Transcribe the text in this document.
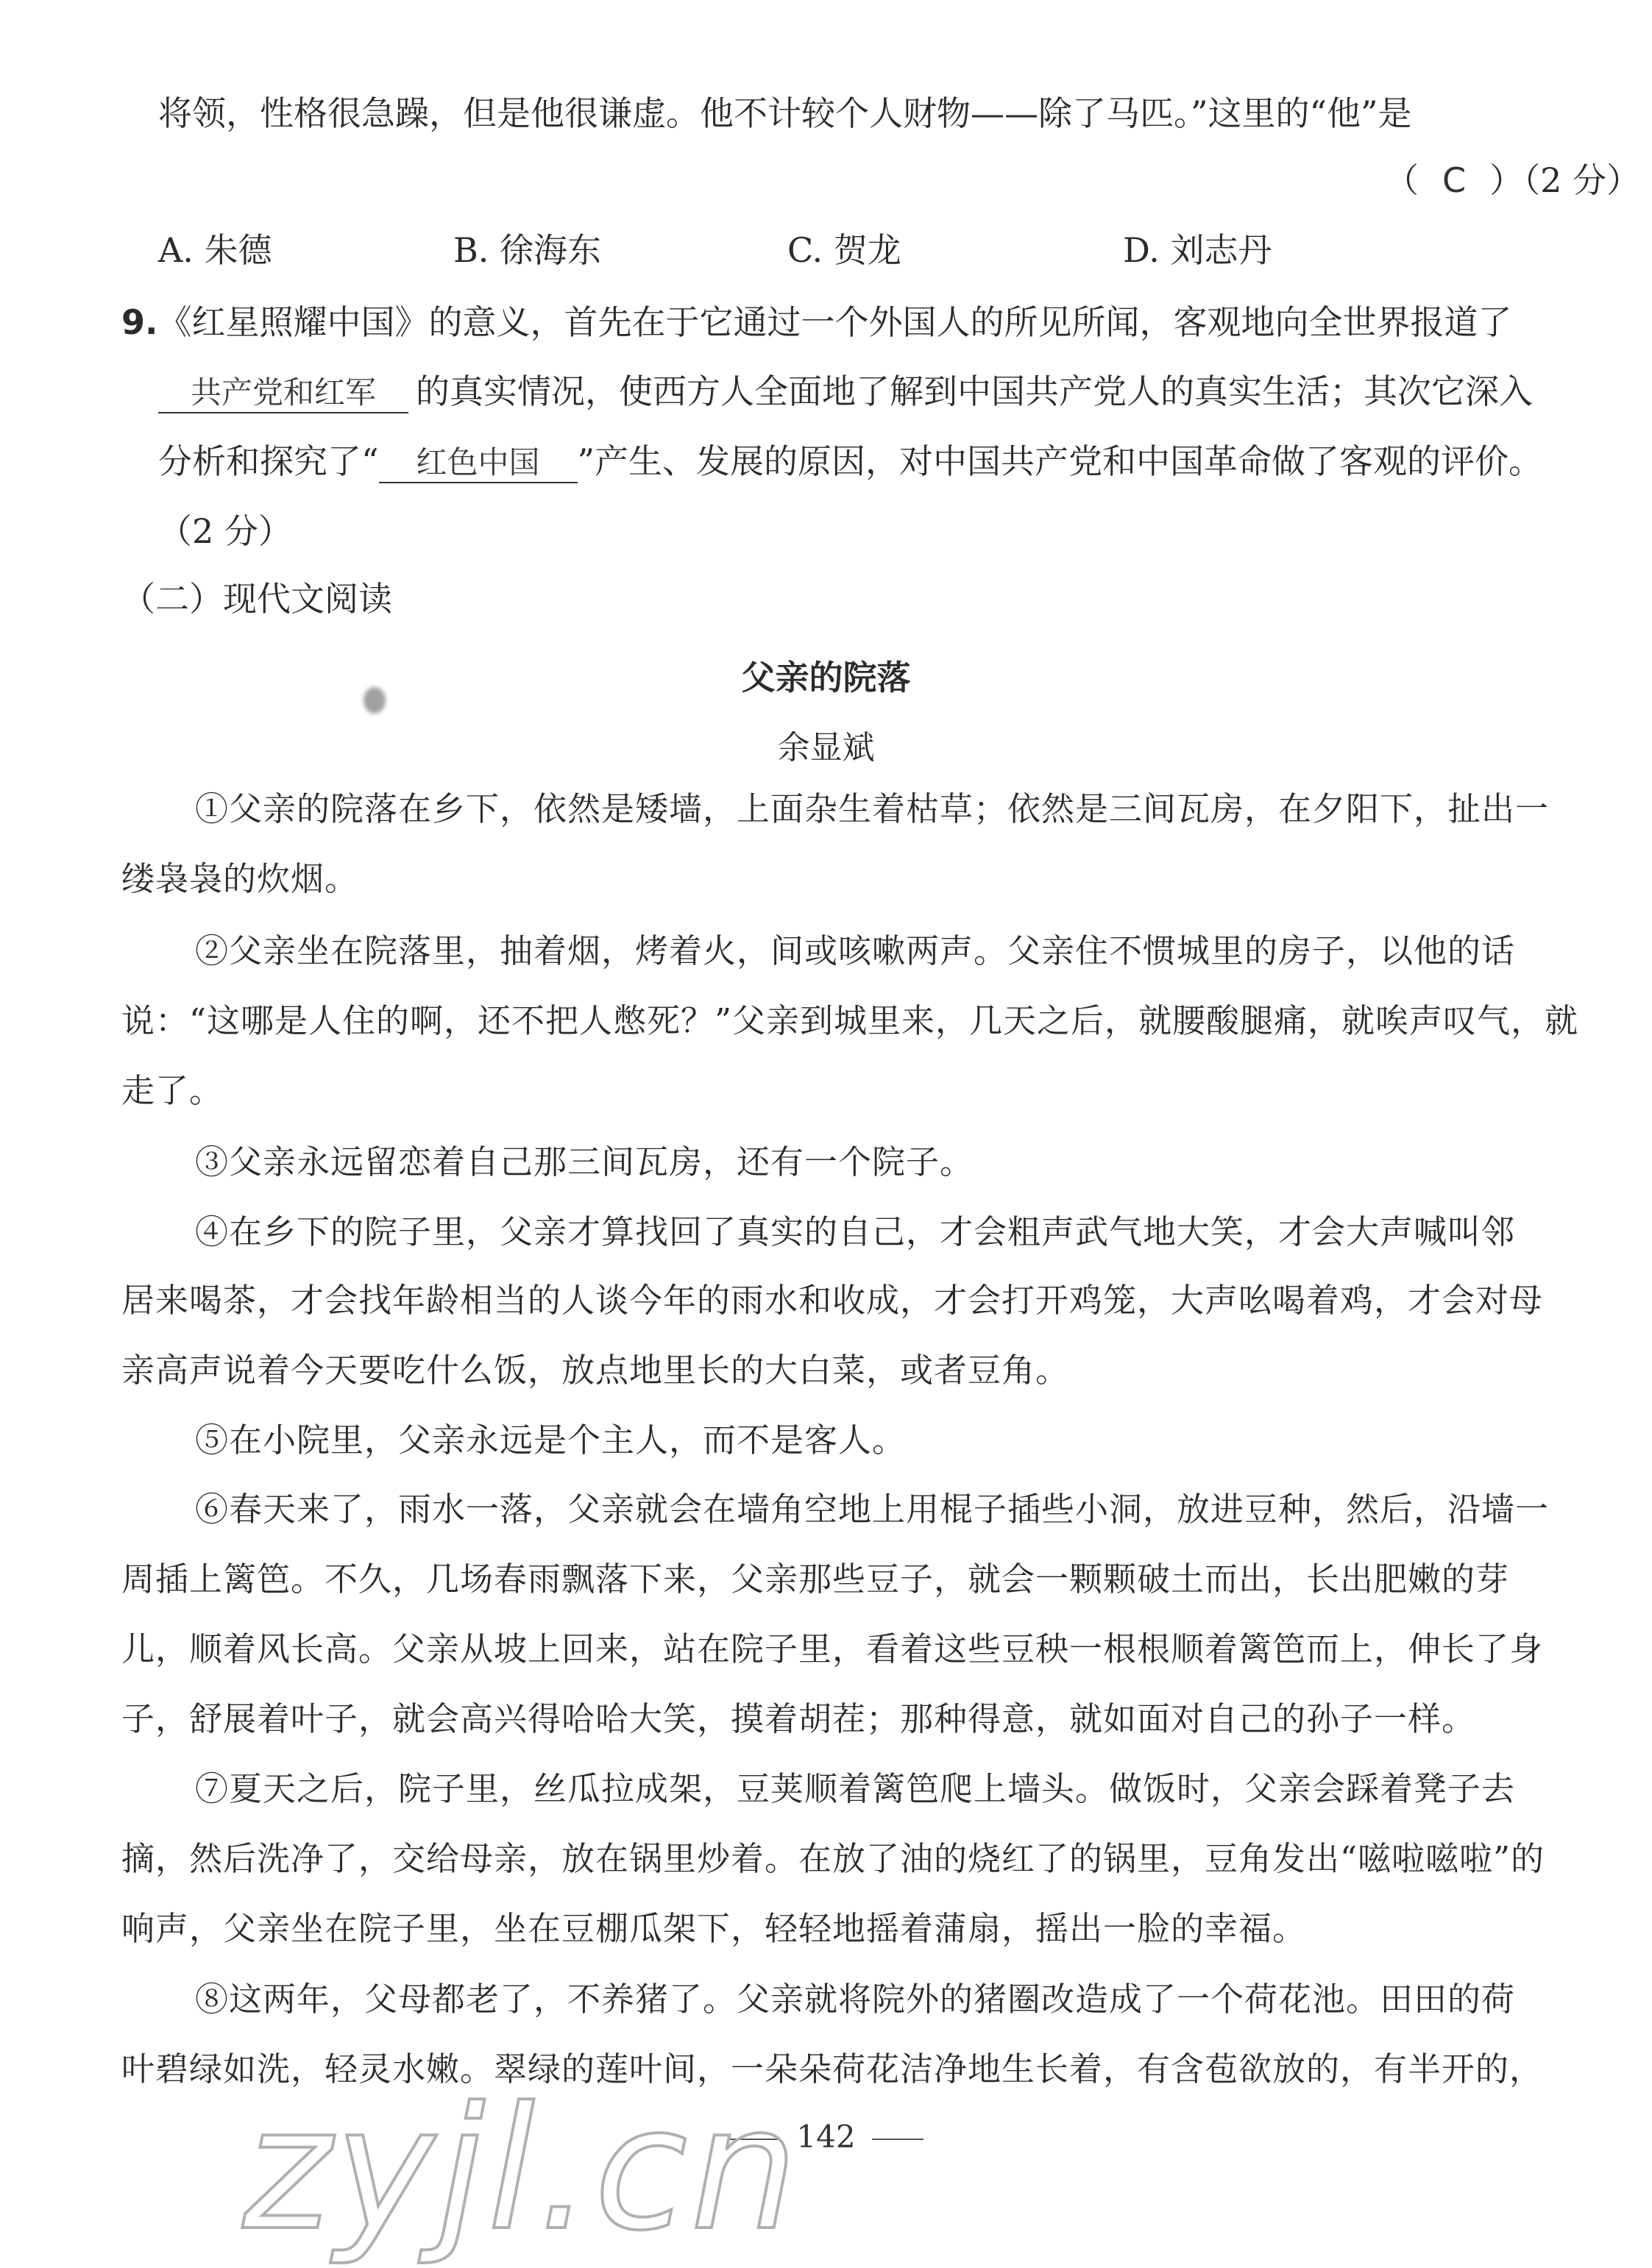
将领，性格很急躁，但是他很谦虚。他不计较个人财物——除了马匹。”这里的“他”是
（ C ）（2 分）
A. 朱德	B. 徐海东	C. 贺龙	D. 刘志丹
9.《红星照耀中国》的意义，首先在于它通过一个外国人的所见所闻，客观地向全世界报道了
共产党和红军 的真实情况，使西方人全面地了解到中国共产党人的真实生活；其次它深入
分析和探究了“ 红色中国 ”产生、发展的原因，对中国共产党和中国革命做了客观的评价。
（2 分）
（二）现代文阅读
父亲的院落
余显斌
①父亲的院落在乡下，依然是矮墙，上面杂生着枯草；依然是三间瓦房，在夕阳下，扯出一
缕袅袅的炊烟。
②父亲坐在院落里，抽着烟，烤着火，间或咳嗽两声。父亲住不惯城里的房子，以他的话
说：“这哪是人住的啊，还不把人憋死？”父亲到城里来，几天之后，就腰酸腿痛，就唉声叹气，就
走了。
③父亲永远留恋着自己那三间瓦房，还有一个院子。
④在乡下的院子里，父亲才算找回了真实的自己，才会粗声武气地大笑，才会大声喊叫邻
居来喝茶，才会找年龄相当的人谈今年的雨水和收成，才会打开鸡笼，大声吆喝着鸡，才会对母
亲高声说着今天要吃什么饭，放点地里长的大白菜，或者豆角。
⑤在小院里，父亲永远是个主人，而不是客人。
⑥春天来了，雨水一落，父亲就会在墙角空地上用棍子插些小洞，放进豆种，然后，沿墙一
周插上篱笆。不久，几场春雨飘落下来，父亲那些豆子，就会一颗颗破土而出，长出肥嫩的芽
儿，顺着风长高。父亲从坡上回来，站在院子里，看着这些豆秧一根根顺着篱笆而上，伸长了身
子，舒展着叶子，就会高兴得哈哈大笑，摸着胡茬；那种得意，就如面对自己的孙子一样。
⑦夏天之后，院子里，丝瓜拉成架，豆荚顺着篱笆爬上墙头。做饭时，父亲会踩着凳子去
摘，然后洗净了，交给母亲，放在锅里炒着。在放了油的烧红了的锅里，豆角发出“嗞啦嗞啦”的
响声，父亲坐在院子里，坐在豆棚瓜架下，轻轻地摇着蒲扇，摇出一脸的幸福。
⑧这两年，父母都老了，不养猪了。父亲就将院外的猪圈改造成了一个荷花池。田田的荷
叶碧绿如洗，轻灵水嫩。翠绿的莲叶间，一朵朵荷花洁净地生长着，有含苞欲放的，有半开的，
142
zyjl.cn
